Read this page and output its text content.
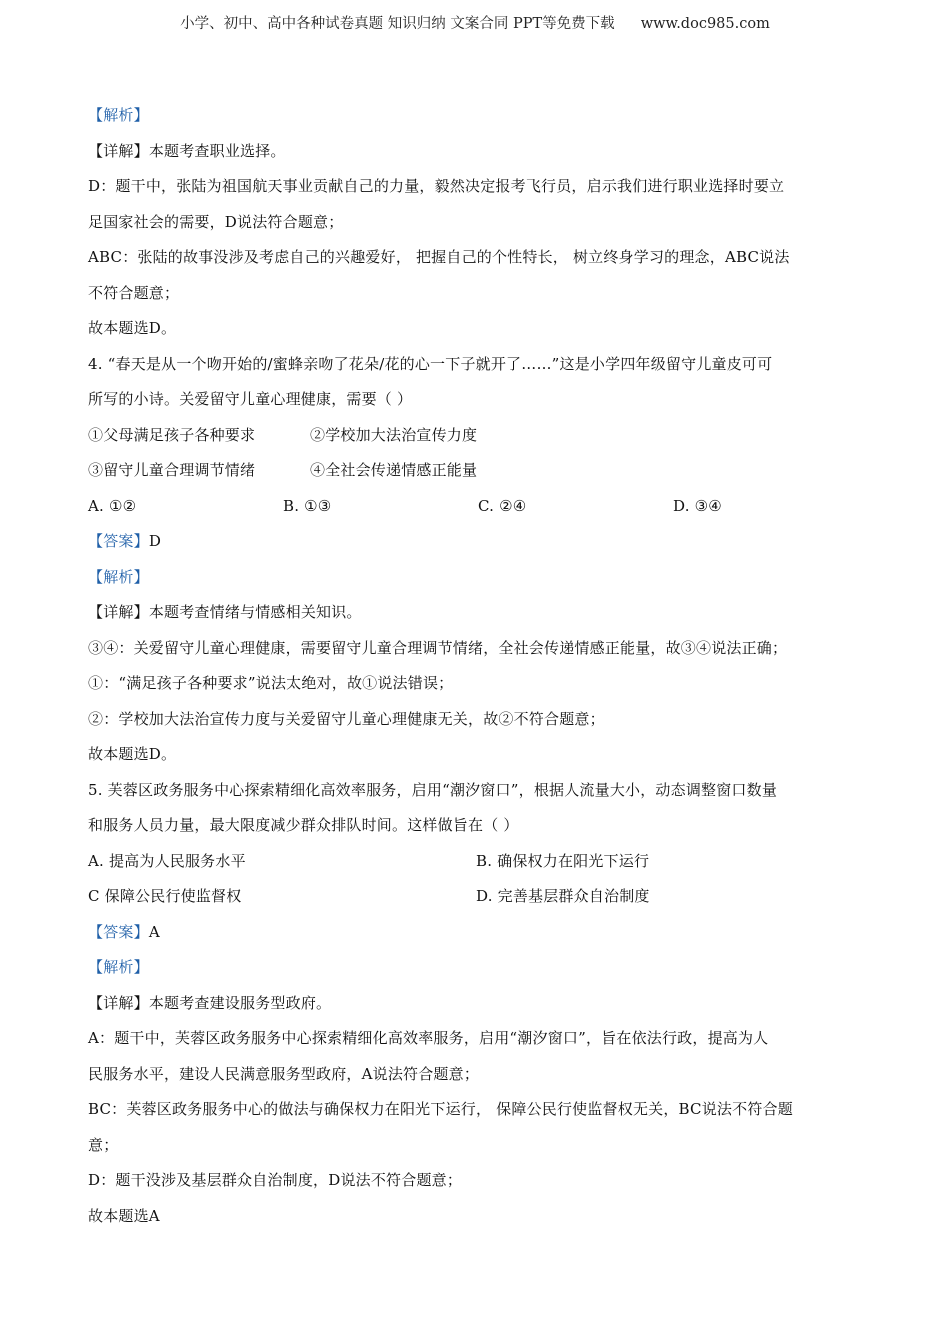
小学、初中、高中各种试卷真题 知识归纳 文案合同 PPT等免费下载 www.doc985.com
【解析】
【详解】本题考查职业选择。
D：题干中，张陆为祖国航天事业贡献自己的力量，毅然决定报考飞行员，启示我们进行职业选择时要立
足国家社会的需要，D说法符合题意；
ABC：张陆的故事没涉及考虑自己的兴趣爱好， 把握自己的个性特长， 树立终身学习的理念，ABC说法
不符合题意；
故本题选D。
4. “春天是从一个吻开始的/蜜蜂亲吻了花朵/花的心一下子就开了……”这是小学四年级留守儿童皮可可
所写的小诗。关爱留守儿童心理健康，需要（ ）
①父母满足孩子各种要求	②学校加大法治宣传力度
③留守儿童合理调节情绪	④全社会传递情感正能量
A. ①②	B. ①③	C. ②④	D. ③④
【答案】D
【解析】
【详解】本题考查情绪与情感相关知识。
③④：关爱留守儿童心理健康，需要留守儿童合理调节情绪，全社会传递情感正能量，故③④说法正确；
①：“满足孩子各种要求”说法太绝对，故①说法错误；
②：学校加大法治宣传力度与关爱留守儿童心理健康无关，故②不符合题意；
故本题选D。
5. 芙蓉区政务服务中心探索精细化高效率服务，启用“潮汐窗口”，根据人流量大小，动态调整窗口数量
和服务人员力量，最大限度减少群众排队时间。这样做旨在（ ）
A. 提高为人民服务水平	B. 确保权力在阳光下运行
C 保障公民行使监督权	D. 完善基层群众自治制度
【答案】A
【解析】
【详解】本题考查建设服务型政府。
A：题干中，芙蓉区政务服务中心探索精细化高效率服务，启用“潮汐窗口”，旨在依法行政，提高为人
民服务水平，建设人民满意服务型政府，A说法符合题意；
BC：芙蓉区政务服务中心的做法与确保权力在阳光下运行， 保障公民行使监督权无关，BC说法不符合题
意；
D：题干没涉及基层群众自治制度，D说法不符合题意；
故本题选A
